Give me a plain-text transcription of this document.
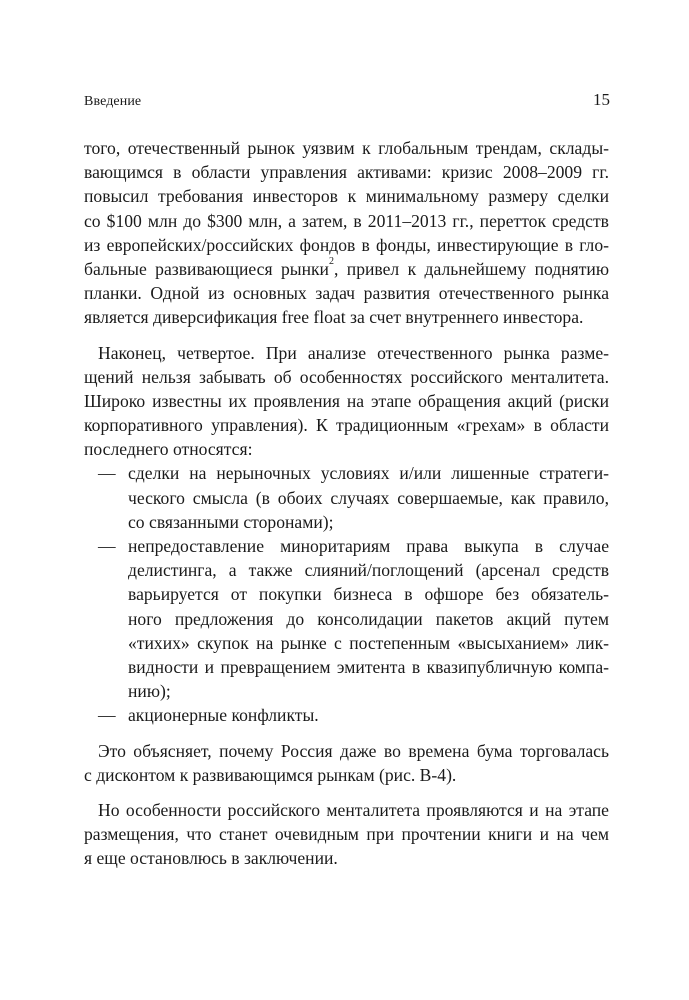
Введение	15
того, отечественный рынок уязвим к глобальным трендам, склады-
вающимся в области управления активами: кризис 2008–2009 гг.
повысил требования инвесторов к минимальному размеру сделки
со $100 млн до $300 млн, а затем, в 2011–2013 гг., перетток средств
из европейских/российских фондов в фонды, инвестирующие в гло-
бальные развивающиеся рынки$^2$, привел к дальнейшему поднятию
планки. Одной из основных задач развития отечественного рынка
является диверсификация free float за счет внутреннего инвестора.
Наконец, четвертое. При анализе отечественного рынка разме-
щений нельзя забывать об особенностях российского менталитета.
Широко известны их проявления на этапе обращения акций (риски
корпоративного управления). К традиционным «грехам» в области
последнего относятся:
— сделки на нерыночных условиях и/или лишенные стратеги-
ческого смысла (в обоих случаях совершаемые, как правило,
со связанными сторонами);
— непредоставление миноритариям права выкупа в случае
делистинга, а также слияний/поглощений (арсенал средств
варьируется от покупки бизнеса в офшоре без обязатель-
ного предложения до консолидации пакетов акций путем
«тихих» скупок на рынке с постепенным «высыханием» лик-
видности и превращением эмитента в квазипубличную компа-
нию);
— акционерные конфликты.
Это объясняет, почему Россия даже во времена бума торговалась
с дисконтом к развивающимся рынкам (рис. В-4).
Но особенности российского менталитета проявляются и на этапе
размещения, что станет очевидным при прочтении книги и на чем
я еще остановлюсь в заключении.
